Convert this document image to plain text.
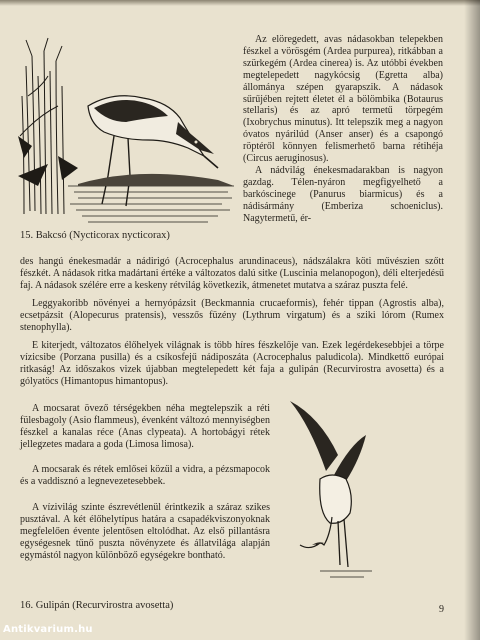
15. Bakcsó (Nycticorax nycticorax)
Az elöregedett, avas nádasokban telepekben fészkel a vörösgém (Ardea purpurea), ritkábban a szürkegém (Ardea cinerea) is. Az utóbbi években megtelepedett nagykócsig (Egretta alba) állománya szépen gyarapszik. A nádasok sűrűjében rejtett életet él a bölömbika (Botaurus stellaris) és az apró termetű törpegém (Ixobrychus minutus). Itt telepszik meg a nagyon óvatos nyárilúd (Anser anser) és a csapongó röptéről könnyen felismerhető barna rétihéja (Circus aeruginosus).
A nádvilág énekesmadarakban is nagyon gazdag. Télen-nyáron megfigyelhető a barkóscinege (Panurus biarmicus) és a nádisármány (Emberiza schoeniclus). Nagytermetű, ér-
des hangú énekesmadár a nádirigó (Acrocephalus arundinaceus), nádszálakra köti művészien szőtt fészkét. A nádasok ritka madártani értéke a változatos dalú sitke (Luscinia melanopogon), déli elterjedésű faj. A nádasok szélére erre a keskeny rétvilág következik, átmenetet mutatva a száraz puszta felé.
Leggyakoribb növényei a hernyópázsit (Beckmannia crucaeformis), fehér tippan (Agrostis alba), ecsetpázsit (Alopecurus pratensis), vesszős füzény (Lythrum virgatum) és a sziki lórom (Rumex stenophylla).
E kiterjedt, változatos élőhelyek világnak is több híres fészkelője van. Ezek legérdekesebbjei a törpe vízicsibe (Porzana pusilla) és a csíkosfejű nádiposzáta (Acrocephalus paludicola). Mindkettő európai ritkaság! Az időszakos vizek újabban megtelepedett két faja a gulipán (Recurvirostra avosetta) és a gólyatöcs (Himantopus himantopus).
A mocsarat övező térségekben néha megtelepszik a réti fülesbagoly (Asio flammeus), évenként változó mennyiségben fészkel a kanalas réce (Anas clypeata). A hortobágyi rétek jellegzetes madara a goda (Limosa limosa).
A mocsarak és rétek emlősei közül a vidra, a pézsmapocok és a vaddisznó a legnevezetesebbek.
A vízivilág szinte észrevétlenül érintkezik a száraz szikes pusztával. A két élőhelytípus határa a csapadékviszonyoknak megfelelően évente jelentősen eltolódhat. Az első pillantásra egységesnek tűnő puszta növényzete és állatvilága alapján egymástól nagyon különböző egységekre bontható.
16. Gulipán (Recurvirostra avosetta)	9
Antikvarium.hu
